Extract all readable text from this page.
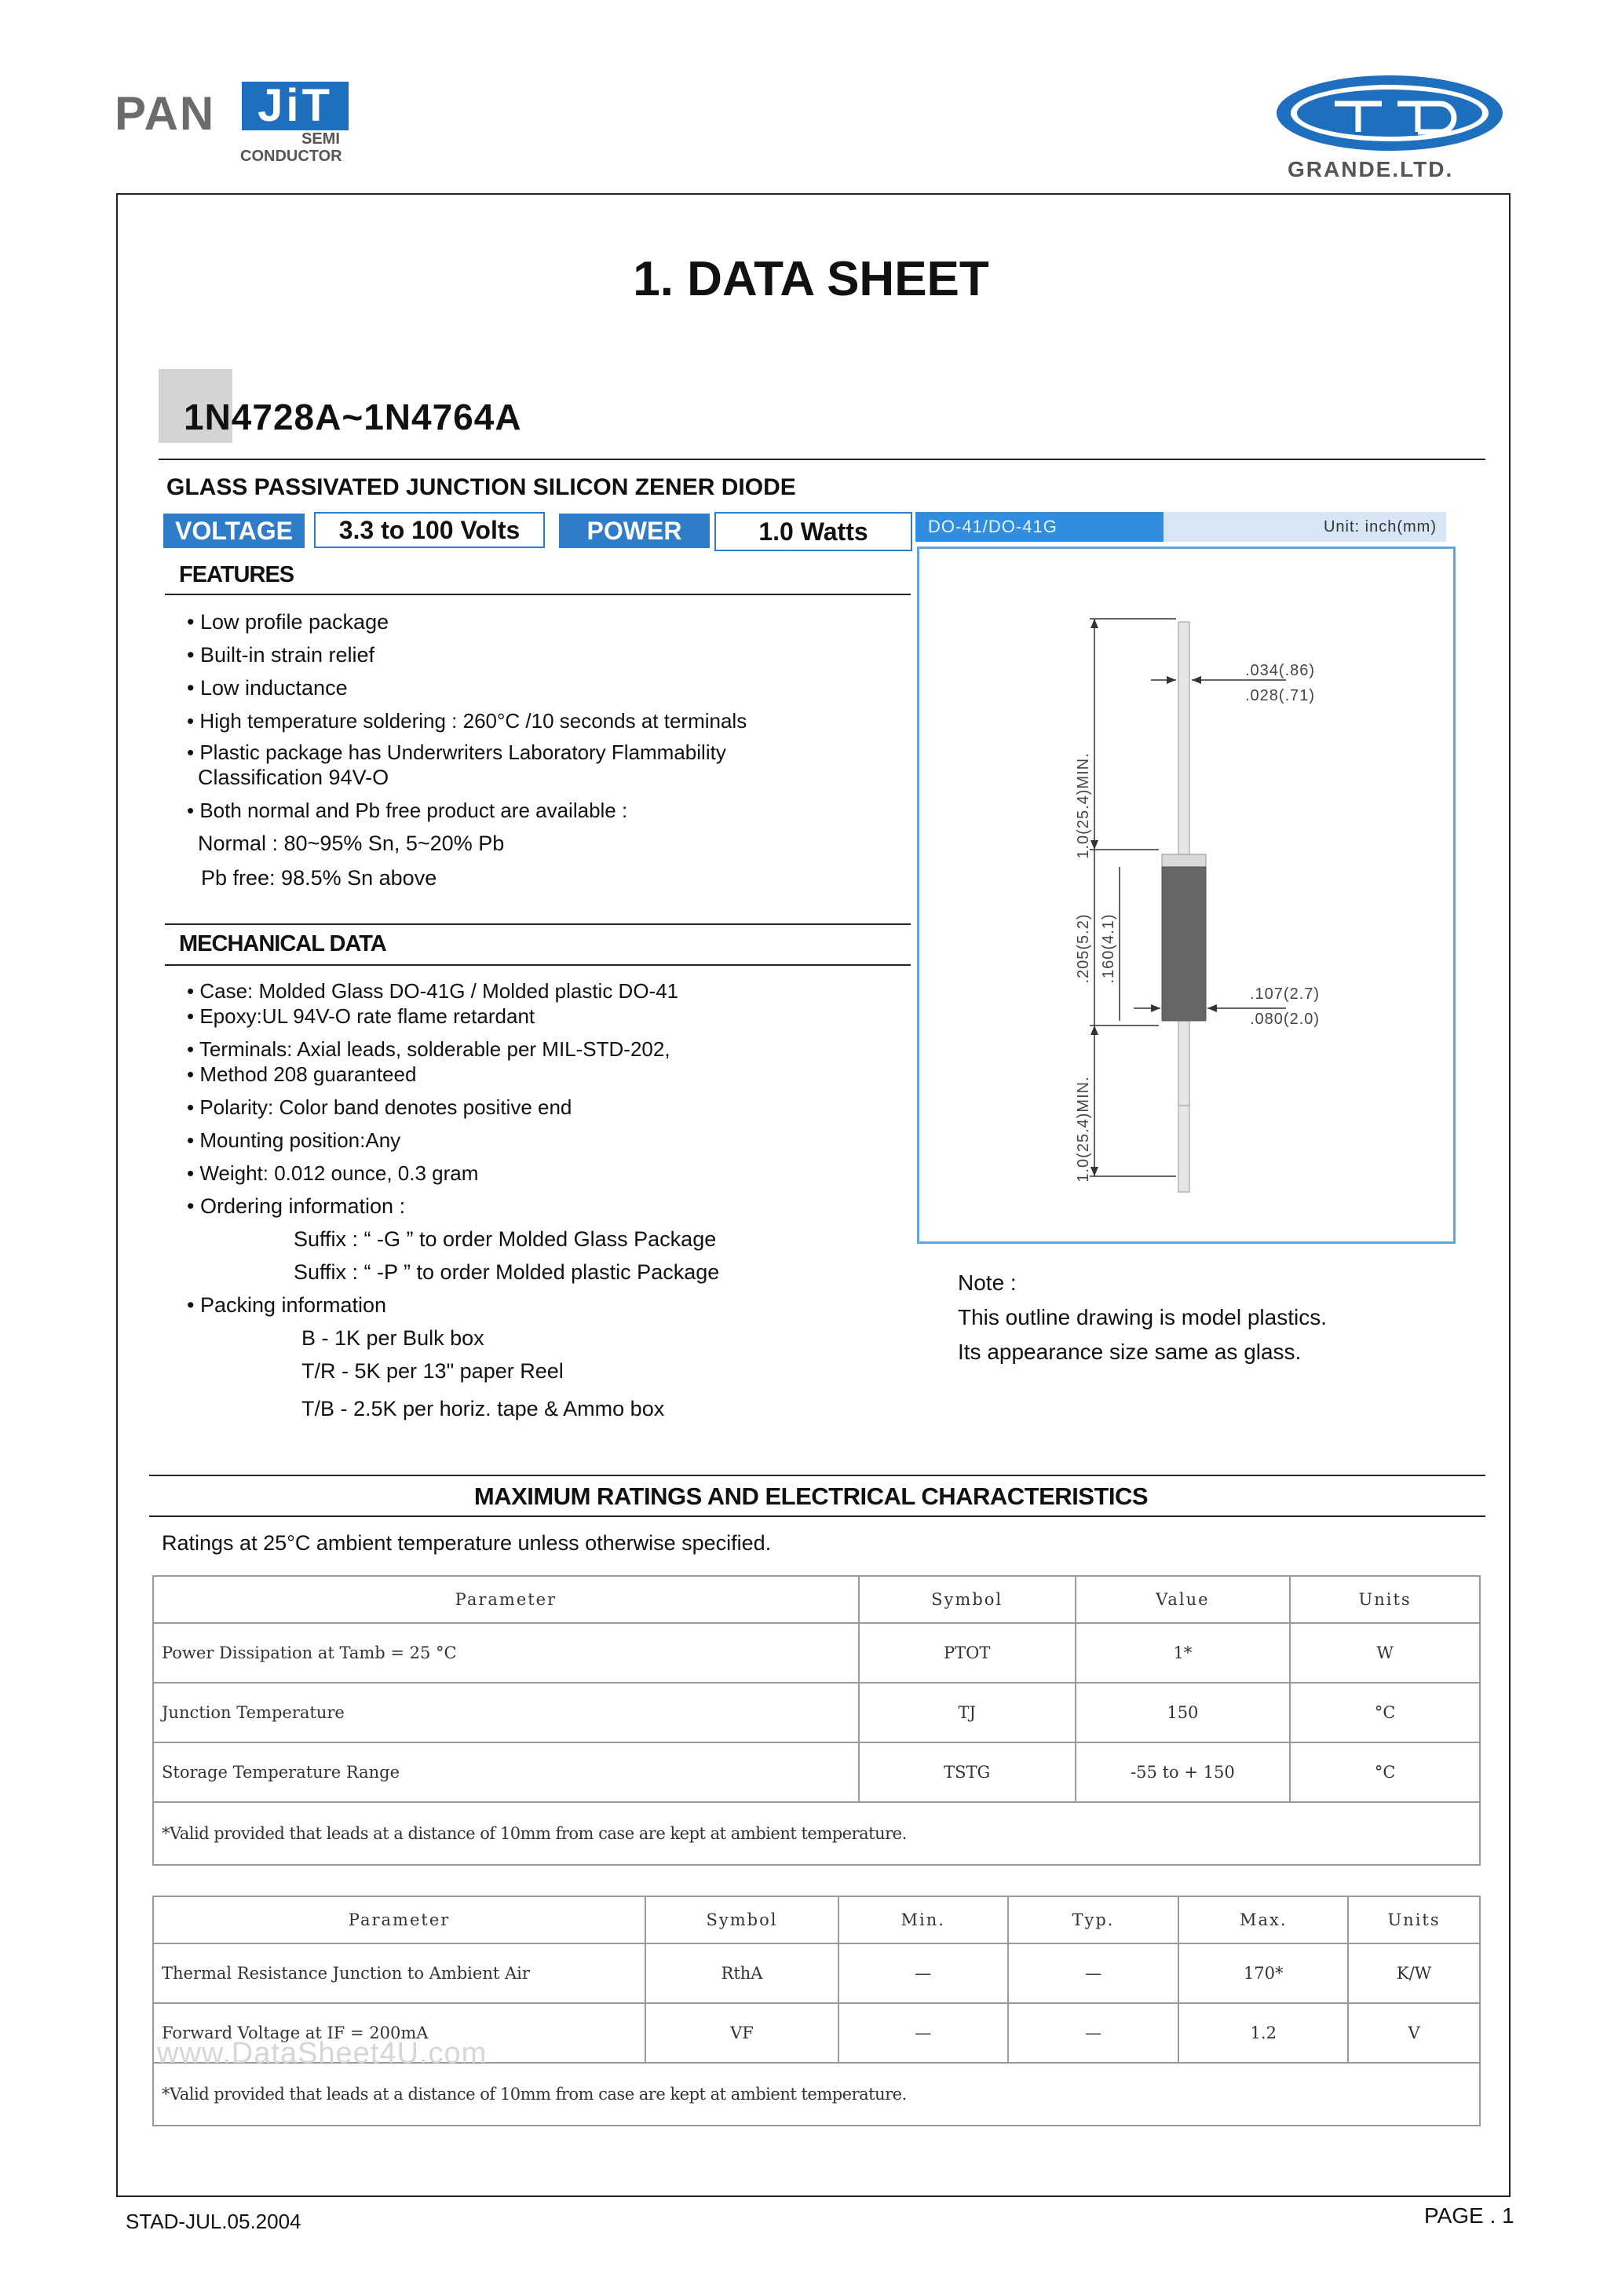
PAN JiT
SEMI
CONDUCTOR
GRANDE.LTD.
1. DATA SHEET
1N4728A~1N4764A
GLASS PASSIVATED JUNCTION SILICON ZENER DIODE
VOLTAGE	3.3 to 100 Volts	POWER	1.0 Watts
FEATURES
• Low profile package
• Built-in strain relief
• Low inductance
• High temperature soldering : 260°C /10 seconds at terminals
• Plastic package has Underwriters Laboratory Flammability
Classification 94V-O
• Both normal and Pb free product are available :
Normal : 80~95% Sn, 5~20% Pb
Pb free: 98.5% Sn above
MECHANICAL DATA
• Case: Molded Glass DO-41G / Molded plastic DO-41
• Epoxy:UL 94V-O rate flame retardant
• Terminals: Axial leads, solderable per MIL-STD-202,
• Method 208 guaranteed
• Polarity: Color band denotes positive end
• Mounting position:Any
• Weight: 0.012 ounce, 0.3 gram
• Ordering information :
Suffix : “ -G ” to order Molded Glass Package
Suffix : “ -P ” to order Molded plastic Package
• Packing information
B - 1K per Bulk box
T/R - 5K per 13" paper Reel
T/B - 2.5K per horiz. tape & Ammo box
DO-41/DO-41G	Unit: inch(mm)
1.0(25.4)MIN.
.205(5.2) .160(4.1)
1.0(25.4)MIN.
.034(.86)
.028(.71)
.107(2.7)
.080(2.0)
Note :
This outline drawing is model plastics.
Its appearance size same as glass.
MAXIMUM RATINGS AND ELECTRICAL CHARACTERISTICS
Ratings at 25°C ambient temperature unless otherwise specified.
Parameter	Symbol	Value	Units
Power Dissipation at Tamb = 25 °C	PTOT	1*	W
Junction Temperature	TJ	150	°C
Storage Temperature Range	TSTG	-55 to + 150	°C
*Valid provided that leads at a distance of 10mm from case are kept at ambient temperature.			
Parameter	Symbol	Min.	Typ.	Max.	Units
Thermal Resistance Junction to Ambient Air	RthA	—	—	170*	K/W
Forward Voltage at IF = 200mA	VF	—	—	1.2	V
*Valid provided that leads at a distance of 10mm from case are kept at ambient temperature.					
www.DataSheet4U.com
STAD-JUL.05.2004	PAGE . 1
